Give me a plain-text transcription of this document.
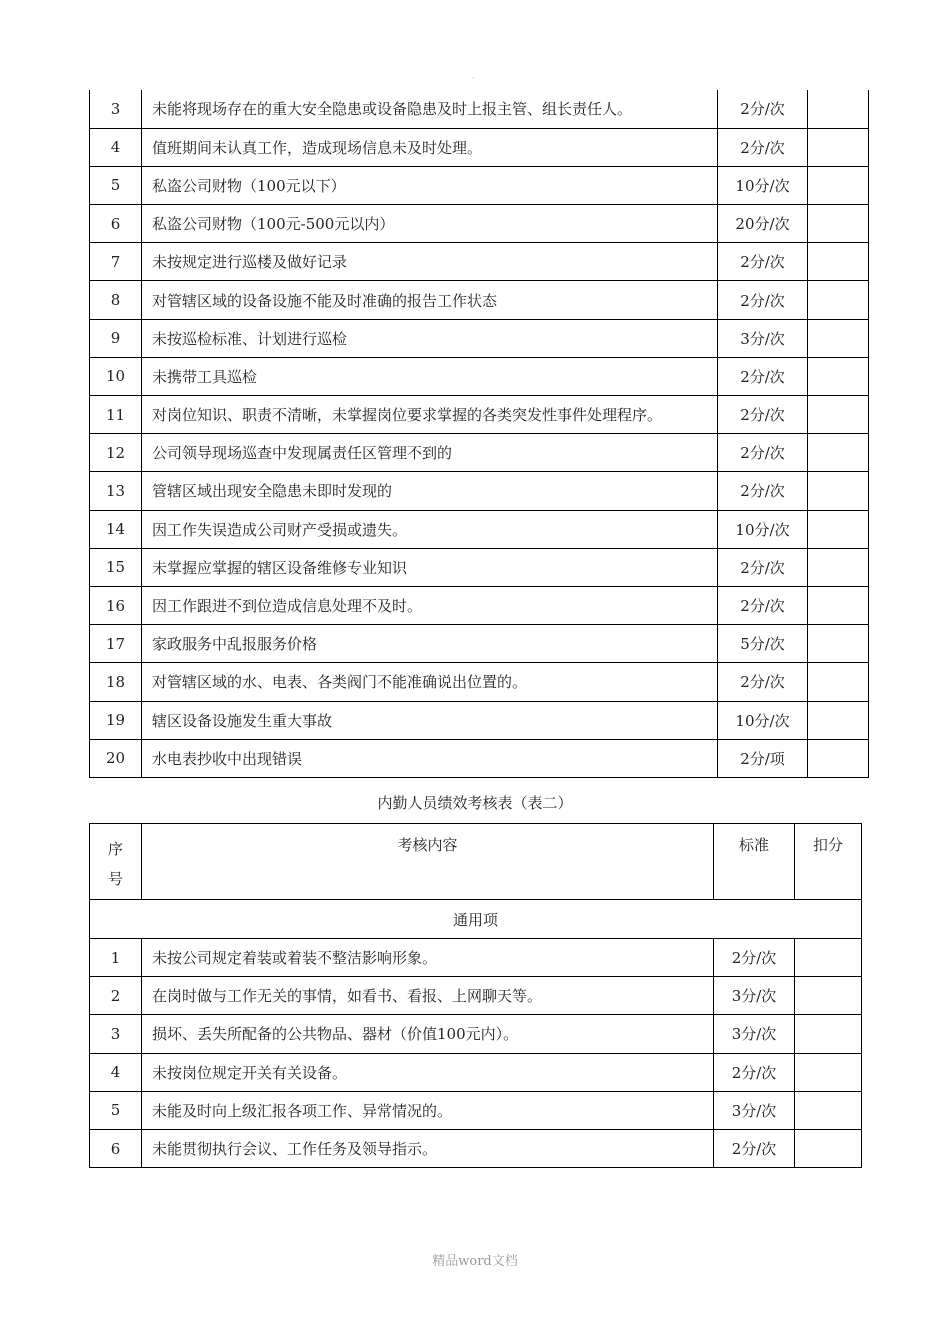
·
3	未能将现场存在的重大安全隐患或设备隐患及时上报主管、组长责任人。	2分/次	
4	值班期间未认真工作，造成现场信息未及时处理。	2分/次	
5	私盗公司财物（100元以下）	10分/次	
6	私盗公司财物（100元-500元以内）	20分/次	
7	未按规定进行巡楼及做好记录	2分/次	
8	对管辖区域的设备设施不能及时准确的报告工作状态	2分/次	
9	未按巡检标准、计划进行巡检	3分/次	
10	未携带工具巡检	2分/次	
11	对岗位知识、职责不清晰，未掌握岗位要求掌握的各类突发性事件处理程序。	2分/次	
12	公司领导现场巡查中发现属责任区管理不到的	2分/次	
13	管辖区域出现安全隐患未即时发现的	2分/次	
14	因工作失误造成公司财产受损或遗失。	10分/次	
15	未掌握应掌握的辖区设备维修专业知识	2分/次	
16	因工作跟进不到位造成信息处理不及时。	2分/次	
17	家政服务中乱报服务价格	5分/次	
18	对管辖区域的水、电表、各类阀门不能准确说出位置的。	2分/次	
19	辖区设备设施发生重大事故	10分/次	
20	水电表抄收中出现错误	2分/项	
内勤人员绩效考核表（表二）
序
号	考核内容	标准	扣分
通用项			
1	未按公司规定着装或着装不整洁影响形象。	2分/次	
2	在岗时做与工作无关的事情，如看书、看报、上网聊天等。	3分/次	
3	损坏、丢失所配备的公共物品、器材（价值100元内）。	3分/次	
4	未按岗位规定开关有关设备。	2分/次	
5	未能及时向上级汇报各项工作、异常情况的。	3分/次	
6	未能贯彻执行会议、工作任务及领导指示。	2分/次	
精品word文档
